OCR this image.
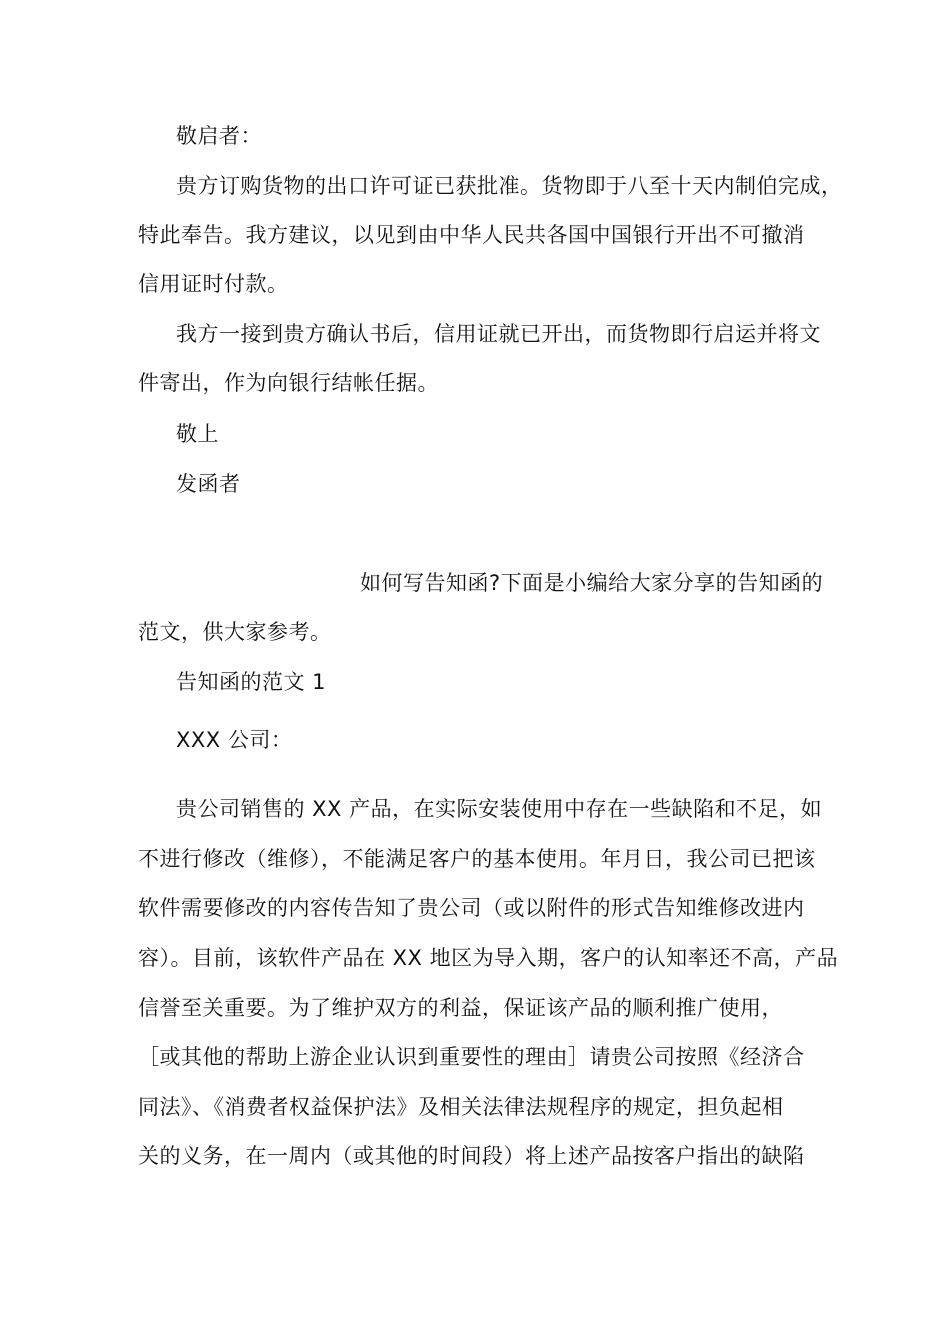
敬启者：
贵方订购货物的出口许可证已获批准。货物即于八至十天内制伯完成，
特此奉告。我方建议，以见到由中华人民共各国中国银行开出不可撤消
信用证时付款。
我方一接到贵方确认书后，信用证就已开出，而货物即行启运并将文
件寄出，作为向银行结帐任据。
敬上
发函者
如何写告知函?下面是小编给大家分享的告知函的
范文，供大家参考。
告知函的范文 1
XXX 公司：
贵公司销售的 XX 产品，在实际安装使用中存在一些缺陷和不足，如
不进行修改（维修），不能满足客户的基本使用。年月日，我公司已把该
软件需要修改的内容传告知了贵公司（或以附件的形式告知维修改进内
容）。目前，该软件产品在 XX 地区为导入期，客户的认知率还不高，产品
信誉至关重要。为了维护双方的利益，保证该产品的顺利推广使用，
［或其他的帮助上游企业认识到重要性的理由］请贵公司按照《经济合
同法》、《消费者权益保护法》及相关法律法规程序的规定，担负起相
关的义务，在一周内（或其他的时间段）将上述产品按客户指出的缺陷
